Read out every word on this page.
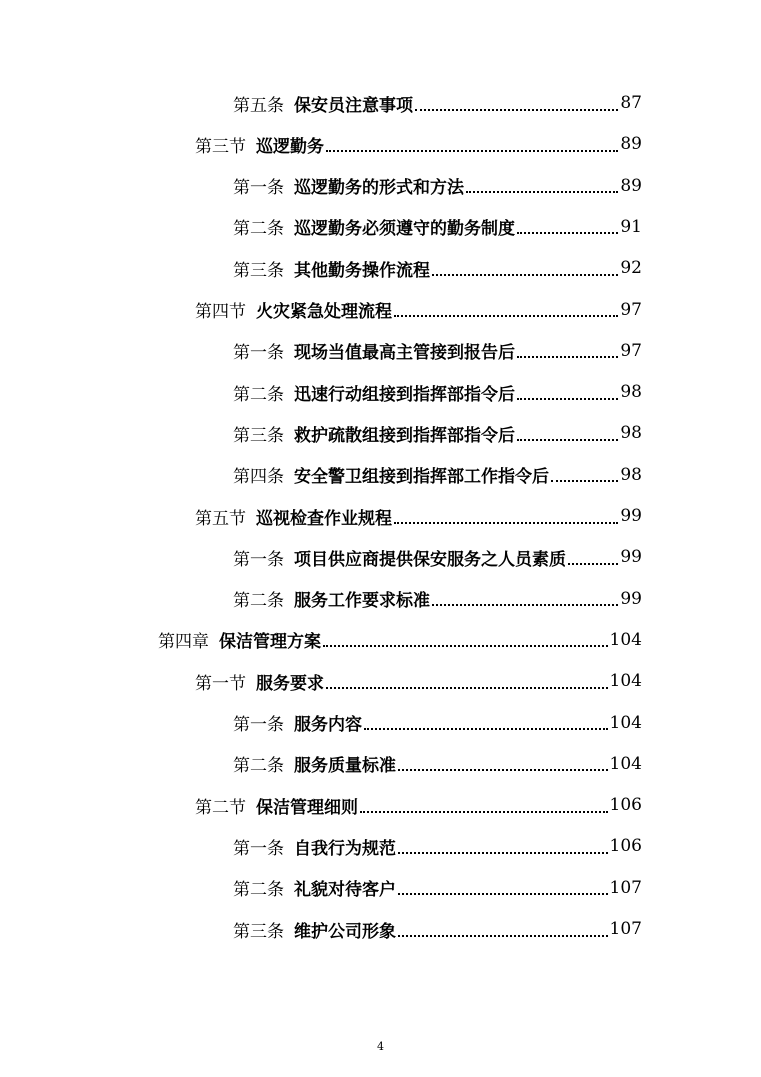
第五条 保安员注意事项	87
第三节 巡逻勤务	89
第一条 巡逻勤务的形式和方法	89
第二条 巡逻勤务必须遵守的勤务制度	91
第三条 其他勤务操作流程	92
第四节 火灾紧急处理流程	97
第一条 现场当值最高主管接到报告后	97
第二条 迅速行动组接到指挥部指令后	98
第三条 救护疏散组接到指挥部指令后	98
第四条 安全警卫组接到指挥部工作指令后	98
第五节 巡视检查作业规程	99
第一条 项目供应商提供保安服务之人员素质	99
第二条 服务工作要求标准	99
第四章 保洁管理方案	104
第一节 服务要求	104
第一条 服务内容	104
第二条 服务质量标准	104
第二节 保洁管理细则	106
第一条 自我行为规范	106
第二条 礼貌对待客户	107
第三条 维护公司形象	107
4
